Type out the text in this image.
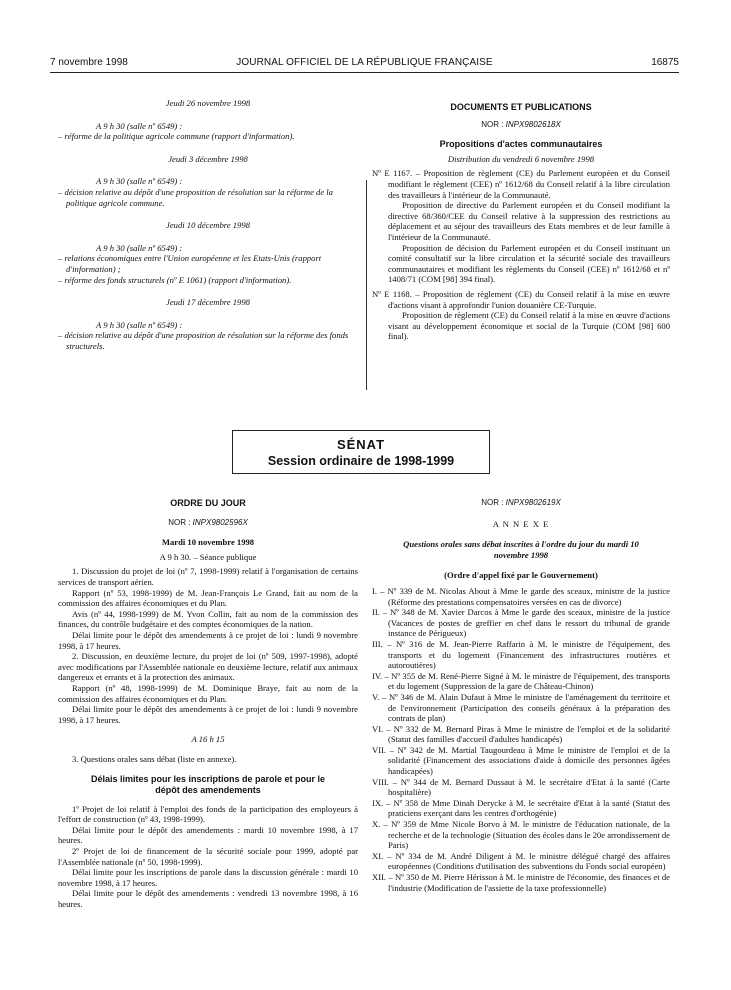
7 novembre 1998	JOURNAL OFFICIEL DE LA RÉPUBLIQUE FRANÇAISE	16875
Jeudi 26 novembre 1998
A 9 h 30 (salle nº 6549) :
– réforme de la politique agricole commune (rapport d'information).
Jeudi 3 décembre 1998
A 9 h 30 (salle nº 6549) :
– décision relative au dépôt d'une proposition de résolution sur la réforme de la politique agricole commune.
Jeudi 10 décembre 1998
A 9 h 30 (salle nº 6549) :
– relations économiques entre l'Union européenne et les Etats-Unis (rapport d'information) ;
– réforme des fonds structurels (nº E 1061) (rapport d'information).
Jeudi 17 décembre 1998
A 9 h 30 (salle nº 6549) :
– décision relative au dépôt d'une proposition de résolution sur la réforme des fonds structurels.
DOCUMENTS ET PUBLICATIONS
NOR : INPX9802618X
Propositions d'actes communautaires
Distribution du vendredi 6 novembre 1998
Nº E 1167. – Proposition de règlement (CE) du Parlement européen et du Conseil modifiant le règlement (CEE) nº 1612/68 du Conseil relatif à la libre circulation des travailleurs à l'intérieur de la Communauté.
Proposition de directive du Parlement européen et du Conseil modifiant la directive 68/360/CEE du Conseil relative à la suppression des restrictions au déplacement et au séjour des travailleurs des Etats membres et de leur famille à l'intérieur de la Communauté.
Proposition de décision du Parlement européen et du Conseil instituant un comité consultatif sur la libre circulation et la sécurité sociale des travailleurs communautaires et modifiant les règlements du Conseil (CEE) nº 1612/68 et nº 1408/71 (COM [98] 394 final).
Nº E 1168. – Proposition de règlement (CE) du Conseil relatif à la mise en œuvre d'actions visant à approfondir l'union douanière CE-Turquie.
Proposition de règlement (CE) du Conseil relatif à la mise en œuvre d'actions visant au développement économique et social de la Turquie (COM [98] 600 final).
SÉNAT
Session ordinaire de 1998-1999
ORDRE DU JOUR
NOR : INPX9802596X
Mardi 10 novembre 1998
A 9 h 30. – Séance publique
1. Discussion du projet de loi (nº 7, 1998-1999) relatif à l'organisation de certains services de transport aérien.
Rapport (nº 53, 1998-1999) de M. Jean-François Le Grand, fait au nom de la commission des affaires économiques et du Plan.
Avis (nº 44, 1998-1999) de M. Yvon Collin, fait au nom de la commission des finances, du contrôle budgétaire et des comptes économiques de la nation.
Délai limite pour le dépôt des amendements à ce projet de loi : lundi 9 novembre 1998, à 17 heures.
2. Discussion, en deuxième lecture, du projet de loi (nº 509, 1997-1998), adopté avec modifications par l'Assemblée nationale en deuxième lecture, relatif aux animaux dangereux et errants et à la protection des animaux.
Rapport (nº 48, 1998-1999) de M. Dominique Braye, fait au nom de la commission des affaires économiques et du Plan.
Délai limite pour le dépôt des amendements à ce projet de loi : lundi 9 novembre 1998, à 17 heures.
A 16 h 15
3. Questions orales sans débat (liste en annexe).
Délais limites pour les inscriptions de parole et pour le dépôt des amendements
1º Projet de loi relatif à l'emploi des fonds de la participation des employeurs à l'effort de construction (nº 43, 1998-1999).
Délai limite pour le dépôt des amendements : mardi 10 novembre 1998, à 17 heures.
2º Projet de loi de financement de la sécurité sociale pour 1999, adopté par l'Assemblée nationale (nº 50, 1998-1999).
Délai limite pour les inscriptions de parole dans la discussion générale : mardi 10 novembre 1998, à 17 heures.
Délai limite pour le dépôt des amendements : vendredi 13 novembre 1998, à 16 heures.
NOR : INPX9802619X
A N N E X E
Questions orales sans débat inscrites à l'ordre du jour du mardi 10 novembre 1998
(Ordre d'appel fixé par le Gouvernement)
I. – Nº 339 de M. Nicolas About à Mme le garde des sceaux, ministre de la justice (Réforme des prestations compensatoires versées en cas de divorce)
II. – Nº 348 de M. Xavier Darcos à Mme le garde des sceaux, ministre de la justice (Vacances de postes de greffier en chef dans le ressort du tribunal de grande instance de Périgueux)
III. – Nº 316 de M. Jean-Pierre Raffarin à M. le ministre de l'équipement, des transports et du logement (Financement des infrastructures routières et autoroutières)
IV. – Nº 355 de M. René-Pierre Signé à M. le ministre de l'équipement, des transports et du logement (Suppression de la gare de Château-Chinon)
V. – Nº 346 de M. Alain Dufaut à Mme le ministre de l'aménagement du territoire et de l'environnement (Participation des conseils généraux à la préparation des contrats de plan)
VI. – Nº 332 de M. Bernard Piras à Mme le ministre de l'emploi et de la solidarité (Statut des familles d'accueil d'adultes handicapés)
VII. – Nº 342 de M. Martial Taugourdeau à Mme le ministre de l'emploi et de la solidarité (Financement des associations d'aide à domicile des personnes âgées handicapées)
VIII. – Nº 344 de M. Bernard Dussaut à M. le secrétaire d'Etat à la santé (Carte hospitalière)
IX. – Nº 358 de Mme Dinah Derycke à M. le secrétaire d'Etat à la santé (Statut des praticiens exerçant dans les centres d'orthogénie)
X. – Nº 359 de Mme Nicole Borvo à M. le ministre de l'éducation nationale, de la recherche et de la technologie (Situation des écoles dans le 20e arrondissement de Paris)
XI. – Nº 334 de M. André Diligent à M. le ministre délégué chargé des affaires européennes (Conditions d'utilisation des subventions du Fonds social européen)
XII. – Nº 350 de M. Pierre Hérisson à M. le ministre de l'économie, des finances et de l'industrie (Modification de l'assiette de la taxe professionnelle)
